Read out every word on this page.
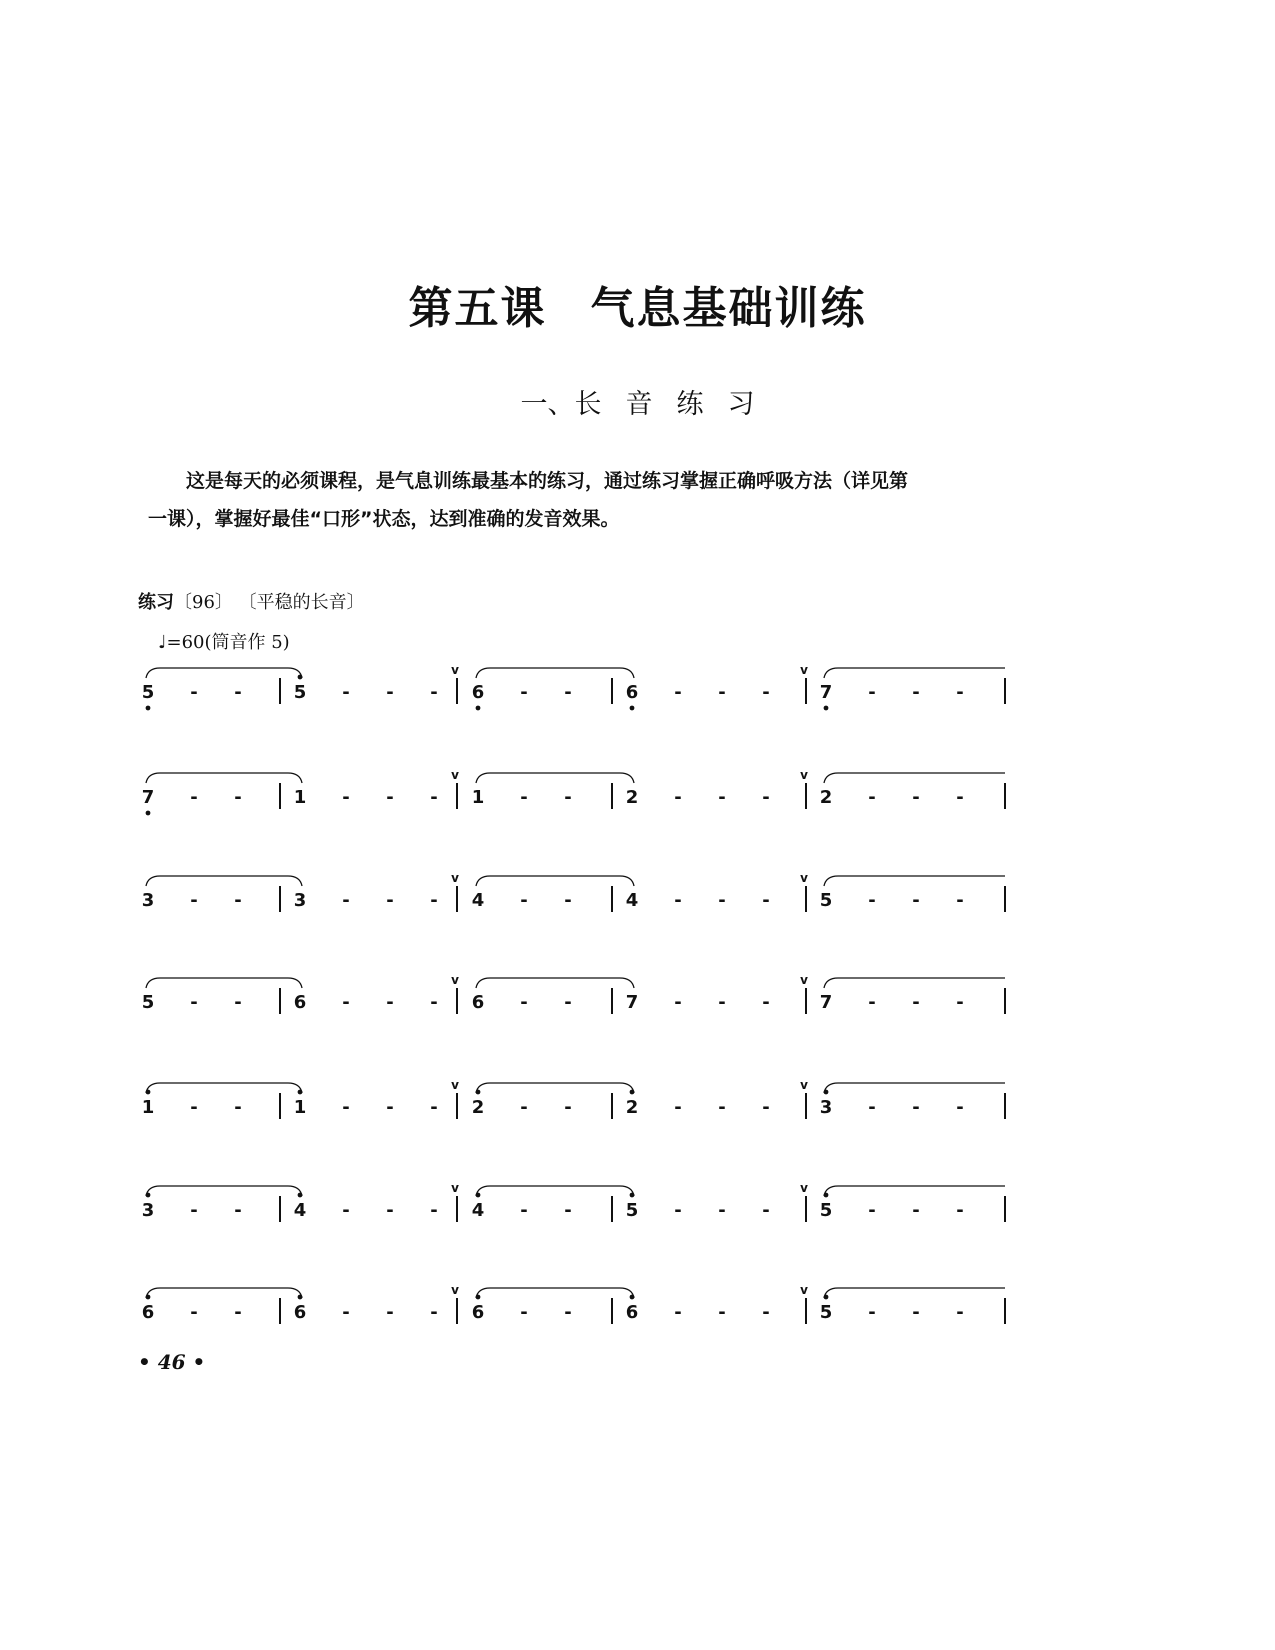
第五课 气息基础训练
一、长 音 练 习

这是每天的必须课程，是气息训练最基本的练习，通过练习掌握正确呼吸方法（详见第

一课），掌握好最佳“口形”状态，达到准确的发音效果。
练习〔96〕 〔平稳的长音〕
♩=60(筒音作 5)
5 - -	5 - - - 6 - -	6 - - -	7 - - -
v	v
7 - -	1 - - - 1 - -	2 - - -	2 - - -
v	v
3 - -	3 - - - 4 - -	4 - - -	5 - - -
v	v
5 - -	6 - - - 6 - -	7 - - -	7 - - -
v	v
1 - -	1 - - - 2 - -	2 - - -	3 - - -
v	v
3 - -	4 - - - 4 - -	5 - - -	5 - - -
v	v
6 - -	6 - - - 6 - -	6 - - -	5 - - -
v	v
• 46 •
